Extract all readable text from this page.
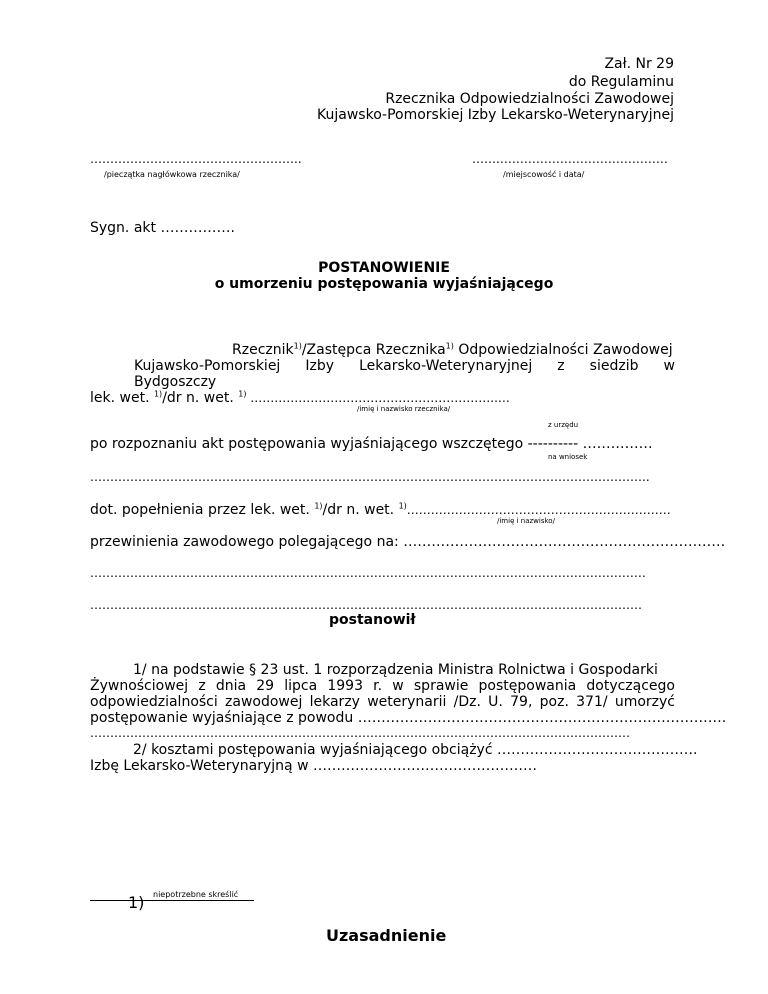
Zał. Nr 29
do Regulaminu
Rzecznika Odpowiedzialności Zawodowej
Kujawsko-Pomorskiej Izby Lekarsko-Weterynaryjnej
……………………………………………..
/pieczątka nagłówkowa rzecznika/
…….……………………………………
/miejscowość i data/
Sygn. akt …………….
POSTANOWIENIE
o umorzeniu postępowania wyjaśniającego
Rzecznik$^{1)}$/Zastępca Rzecznika$^{1)}$ Odpowiedzialności Zawodowej
Kujawsko-Pomorskiej Izby Lekarsko-Weterynaryjnej z siedzib w
Bydgoszczy
lek. wet. $^{1)}$/dr n. wet. $^{1)}$ ……………………………………………………..…
/imię i nazwisko rzecznika/
z urzędu
po rozpoznaniu akt postępowania wyjaśniającego wszczętego ---------- ……………
na wniosek
…………………………………………………………………………………………………………………………..
dot. popełnienia przez lek. wet. $^{1)}$/dr n. wet. $^{1)}$…………………………………………………………
/imię i nazwisko/
przewinienia zawodowego polegającego na: ……………………………………………………………
……………………………………….…………………………………………………………………………………
…………………………………………………………………………………………………………………………
postanowił
1/ na podstawie § 23 ust. 1 rozporządzenia Ministra Rolnictwa i Gospodarki
Żywnościowej z dnia 29 lipca 1993 r. w sprawie postępowania dotyczącego
odpowiedzialności zawodowej lekarzy weterynarii /Dz. U. 79, poz. 371/ umorzyć
postępowanie wyjaśniające z powodu …………………………………………………………………….
………………………………………………………………………………………………………………………
2/ kosztami postępowania wyjaśniającego obciążyć …………………………………….
Izbę Lekarsko-Weterynaryjną w …………………………………………
1) niepotrzebne skreślić
Uzasadnienie
